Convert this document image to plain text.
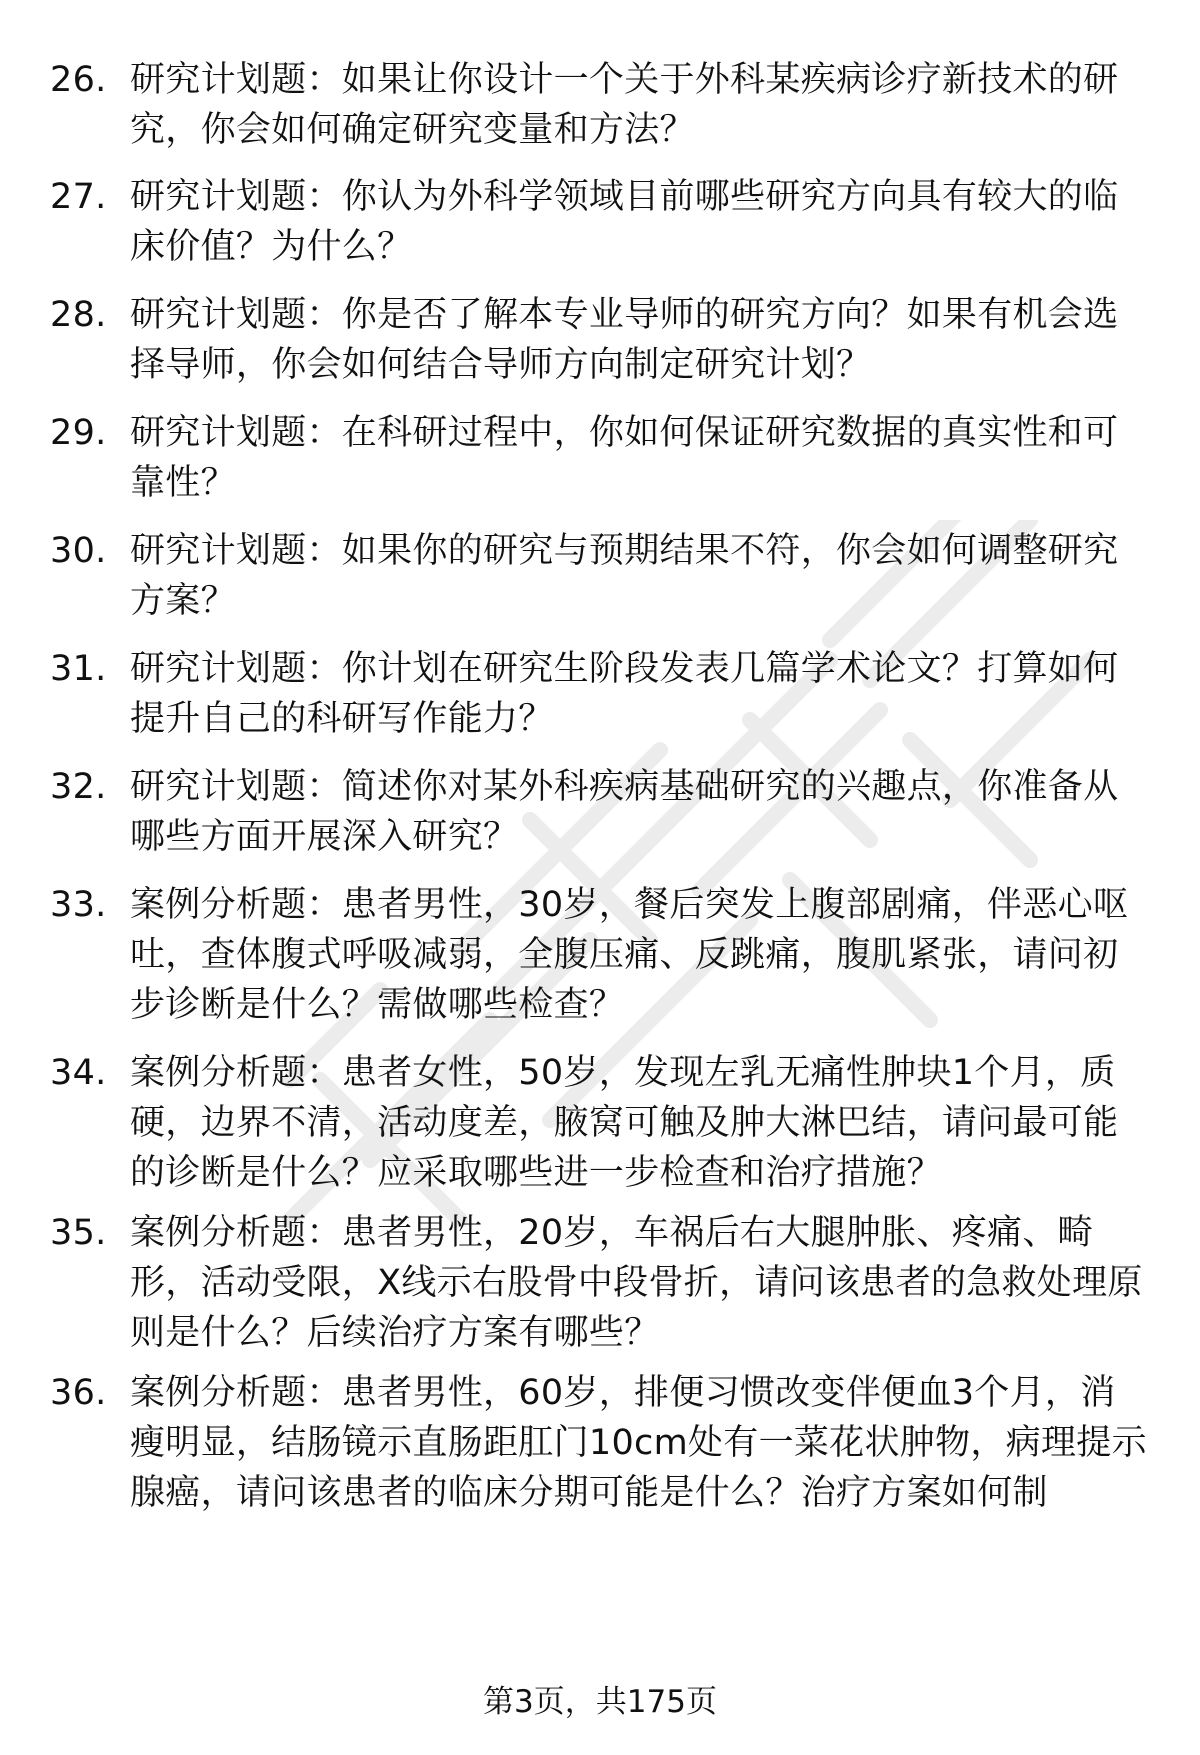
26. 研究计划题：如果让你设计一个关于外科某疾病诊疗新技术的研究，你会如何确定研究变量和方法？
27. 研究计划题：你认为外科学领域目前哪些研究方向具有较大的临床价值？为什么？
28. 研究计划题：你是否了解本专业导师的研究方向？如果有机会选择导师，你会如何结合导师方向制定研究计划？
29. 研究计划题：在科研过程中，你如何保证研究数据的真实性和可靠性？
30. 研究计划题：如果你的研究与预期结果不符，你会如何调整研究方案？
31. 研究计划题：你计划在研究生阶段发表几篇学术论文？打算如何提升自己的科研写作能力？
32. 研究计划题：简述你对某外科疾病基础研究的兴趣点，你准备从哪些方面开展深入研究？
33. 案例分析题：患者男性，30岁，餐后突发上腹部剧痛，伴恶心呕吐，查体腹式呼吸减弱，全腹压痛、反跳痛，腹肌紧张，请问初步诊断是什么？需做哪些检查？
34. 案例分析题：患者女性，50岁，发现左乳无痛性肿块1个月，质硬，边界不清，活动度差，腋窝可触及肿大淋巴结，请问最可能的诊断是什么？应采取哪些进一步检查和治疗措施？
35. 案例分析题：患者男性，20岁，车祸后右大腿肿胀、疼痛、畸形，活动受限，X线示右股骨中段骨折，请问该患者的急救处理原则是什么？后续治疗方案有哪些？
36. 案例分析题：患者男性，60岁，排便习惯改变伴便血3个月，消瘦明显，结肠镜示直肠距肛门10cm处有一菜花状肿物，病理提示腺癌，请问该患者的临床分期可能是什么？治疗方案如何制
第3页，共175页
